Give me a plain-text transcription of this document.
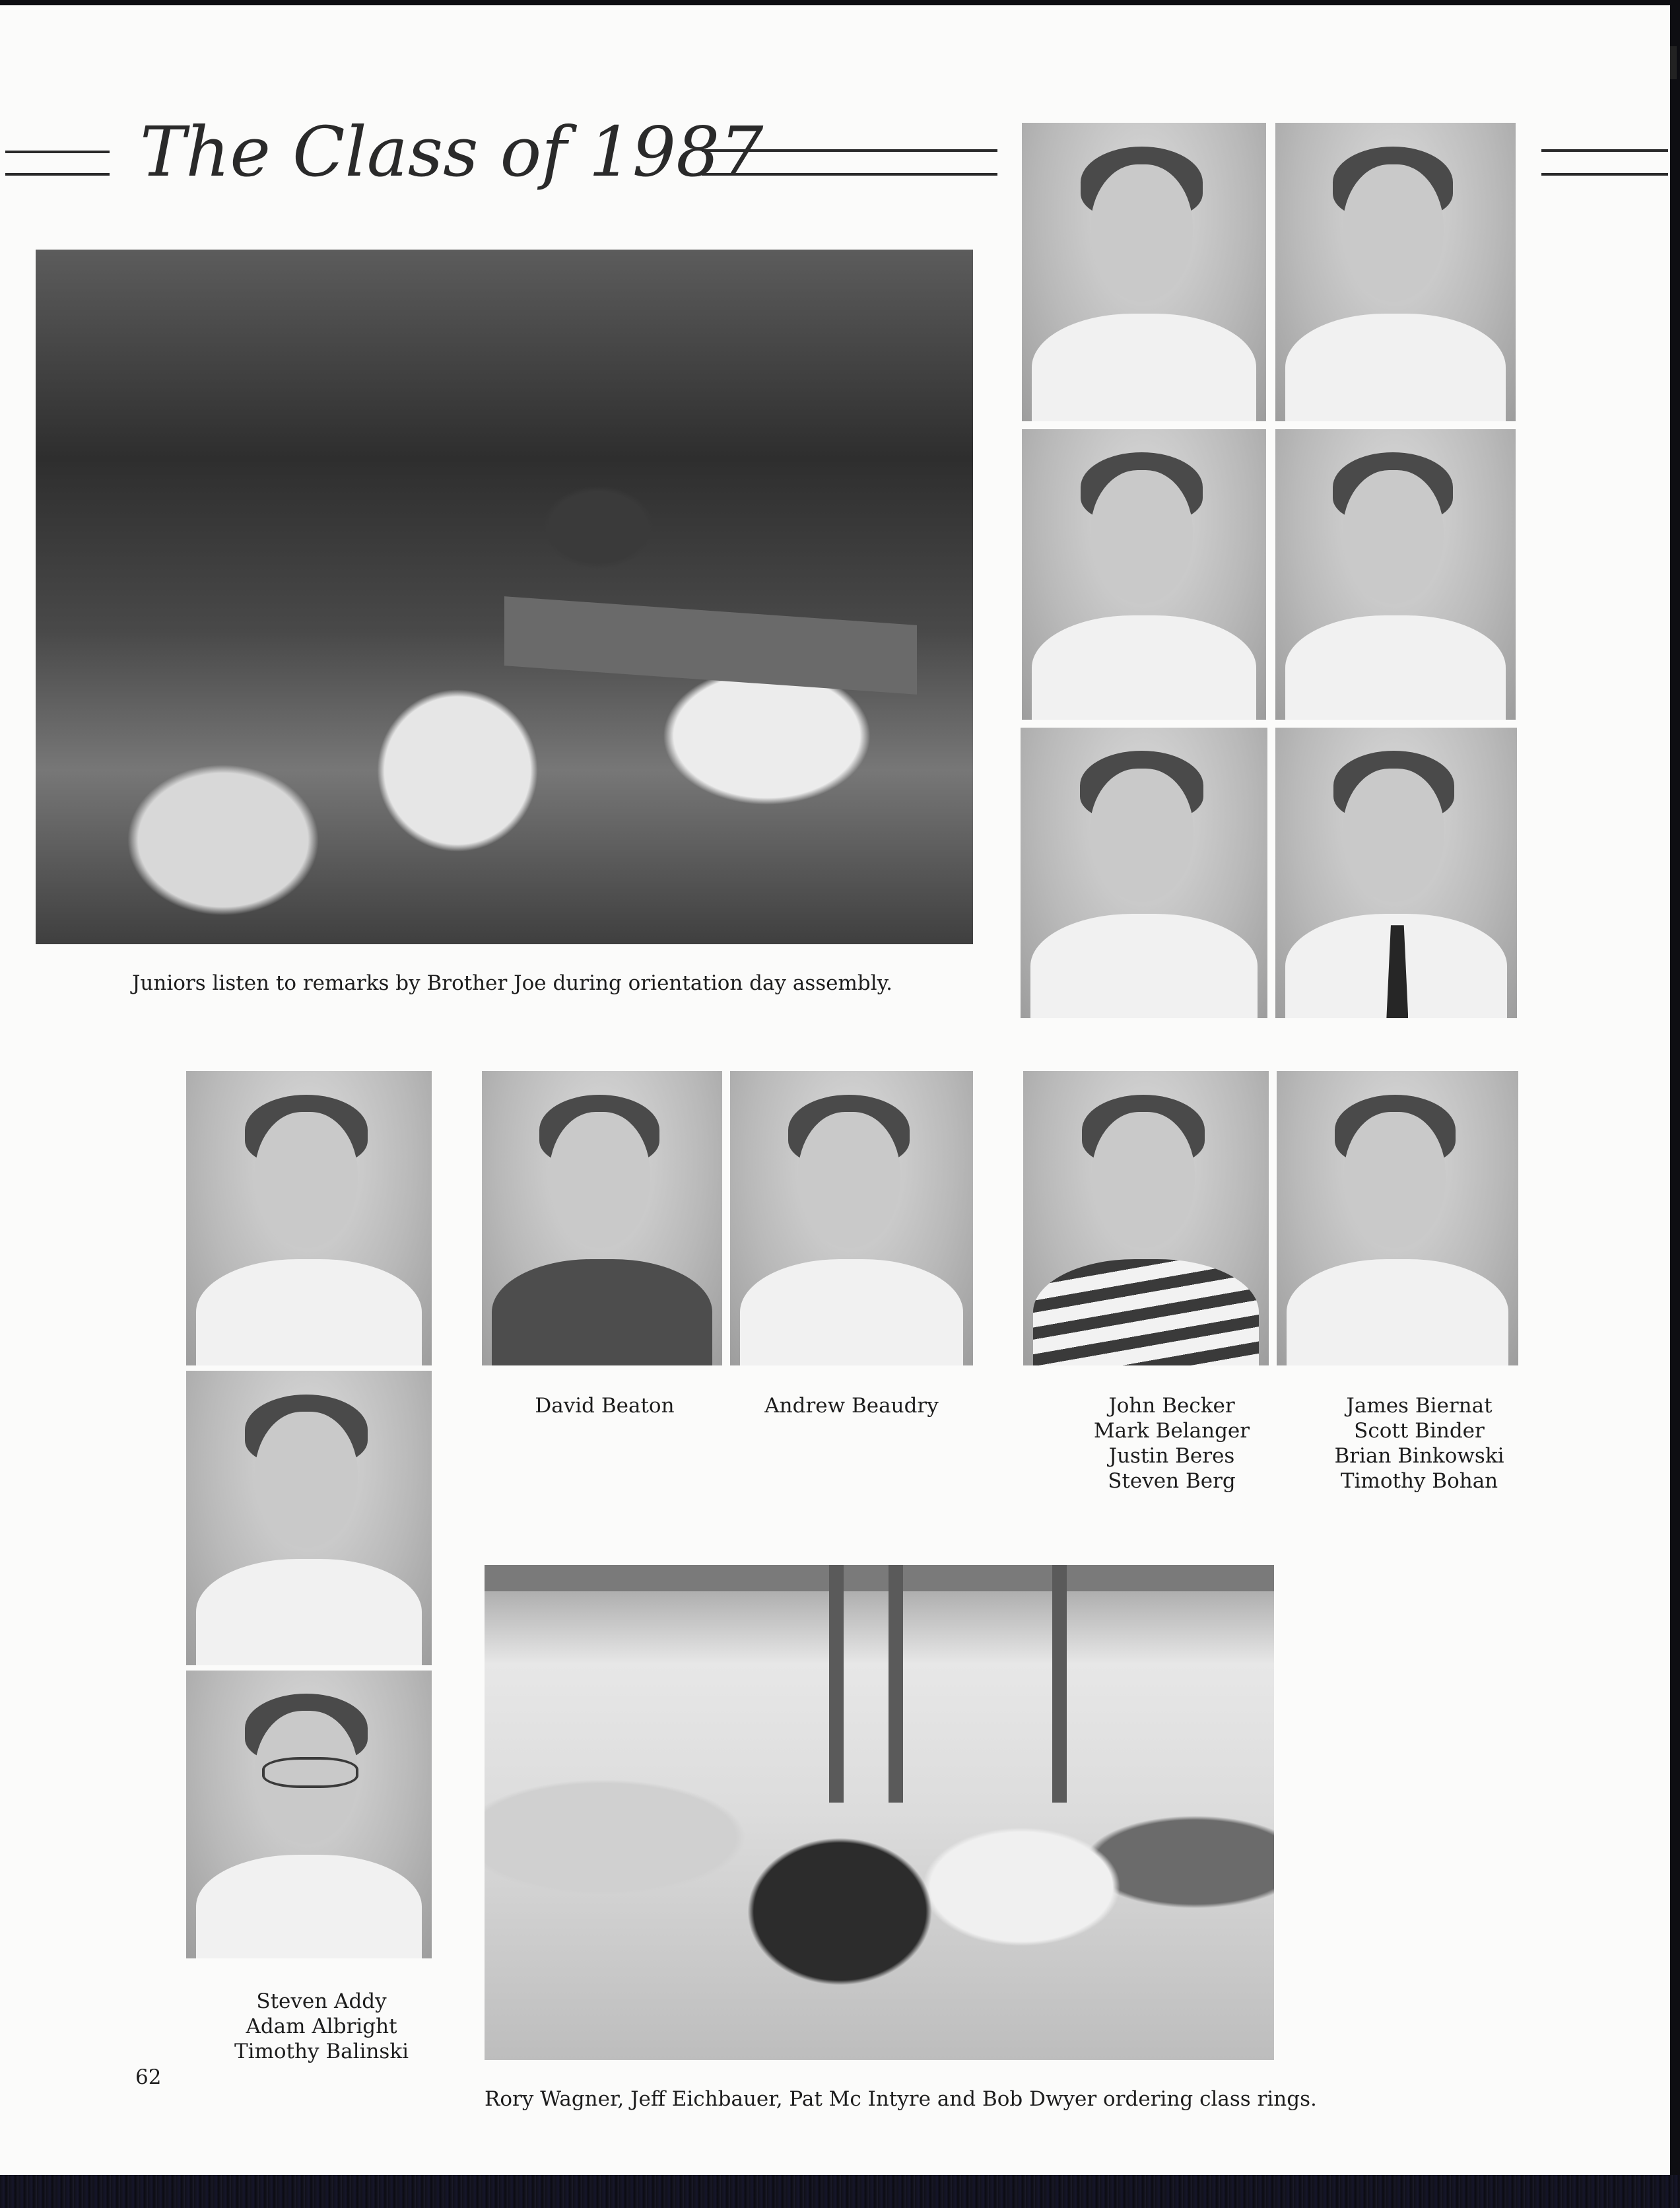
The Class of 1987
Juniors listen to remarks by Brother Joe during orientation day assembly.
David Beaton	Andrew Beaudry	John Becker
Mark Belanger
Justin Beres
Steven Berg
James Biernat
Scott Binder
Brian Binkowski
Timothy Bohan
Steven Addy
Adam Albright
Timothy Balinski
Rory Wagner, Jeff Eichbauer, Pat Mc Intyre and Bob Dwyer ordering class rings.
62
